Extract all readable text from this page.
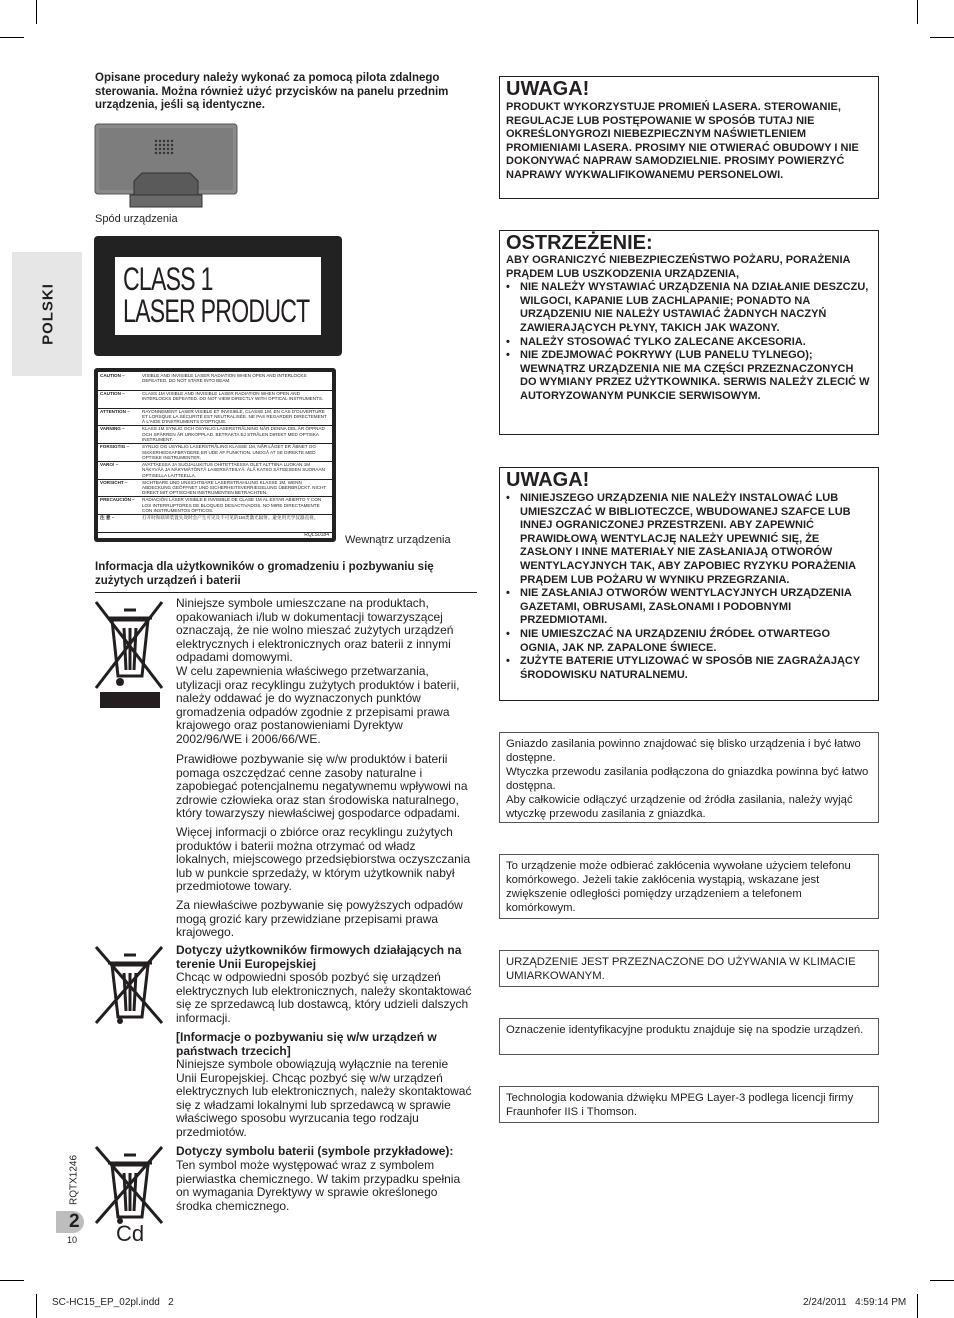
POLSKI
Opisane procedury należy wykonać za pomocą pilota zdalnego sterowania. Można również użyć przycisków na panelu przednim urządzenia, jeśli są identyczne.
Spód urządzenia
CLASS 1
LASER PRODUCT
CAUTION –	VISIBLE AND INVISIBLE LASER RADIATION WHEN OPEN AND INTERLOCKS DEFEATED. DO NOT STARE INTO BEAM.
CAUTION –	CLASS 1M VISIBLE AND INVISIBLE LASER RADIATION WHEN OPEN AND INTERLOCKS DEFEATED. DO NOT VIEW DIRECTLY WITH OPTICAL INSTRUMENTS.
ATTENTION –	RAYONNEMENT LASER VISIBLE ET INVISIBLE, CLASSE 1M, EN CAS D'OUVERTURE ET LORSQUE LA SÉCURITÉ EST NEUTRALISÉE. NE PAS REGARDER DIRECTEMENT À L'AIDE D'INSTRUMENTS D'OPTIQUE.
VARNING –	KLASS 1M SYNLIG OCH OSYNLIG LASERSTRÅLNING NÄR DENNA DEL ÄR ÖPPNAD OCH SPÄRREN ÄR URKOPPLAD. BETRAKTA EJ STRÅLEN DIREKT MED OPTISKA INSTRUMENT.
FORSIGTIG –	SYNLIG OG USYNLIG LASERSTRÅLING KLASSE 1M, NÅR LÅGET ER ÅBNET OG SIKKERHEDSAFBRYDERE ER UDE AF FUNKTION. UNDGÅ AT SE DIREKTE MED OPTISKE INSTRUMENTER.
VARO! –	AVATTAESSA JA SUOJALUKITUS OHITETTAESSA OLET ALTTIINA LUOKAN 1M NÄKYVÄÄ JA NÄKYMÄTÖNTÄ LASERSÄTEILYÄ. ÄLÄ KATSO SÄTEESEEN SUORAAN OPTISELLA LAITTEELLA.
VORSICHT –	SICHTBARE UND UNSICHTBARE LASERSTRAHLUNG KLASSE 1M, WENN ABDECKUNG GEÖFFNET UND SICHERHEITSVERRIEGELUNG ÜBERBRÜCKT. NICHT DIREKT MIT OPTISCHEN INSTRUMENTEN BETRACHTEN.
PRECAUCIÓN –	RADIACIÓN LÁSER VISIBLE E INVISIBLE DE CLASE 1M AL ESTAR ABIERTO Y CON LOS INTERRUPTORES DE BLOQUEO DESACTIVADOS. NO MIRE DIRECTAMENTE CON INSTRUMENTOS ÓPTICOS.
注 意 –	打开时和联锁装置失效时会产生可见及不可见的1M类激光辐射。避免用光学仪器直视。
RQLS0184 Wewnątrz urządzenia
Informacja dla użytkowników o gromadzeniu i pozbywaniu się zużytych urządzeń i baterii
Niniejsze symbole umieszczane na produktach, opakowaniach i/lub w dokumentacji towarzyszącej oznaczają, że nie wolno mieszać zużytych urządzeń elektrycznych i elektronicznych oraz baterii z innymi odpadami domowymi.
W celu zapewnienia właściwego przetwarzania, utylizacji oraz recyklingu zużytych produktów i baterii, należy oddawać je do wyznaczonych punktów gromadzenia odpadów zgodnie z przepisami prawa krajowego oraz postanowieniami Dyrektyw 2002/96/WE i 2006/66/WE.
Prawidłowe pozbywanie się w/w produktów i baterii pomaga oszczędzać cenne zasoby naturalne i zapobiegać potencjalnemu negatywnemu wpływowi na zdrowie człowieka oraz stan środowiska naturalnego, który towarzyszy niewłaściwej gospodarce odpadami.
Więcej informacji o zbiórce oraz recyklingu zużytych produktów i baterii można otrzymać od władz lokalnych, miejscowego przedsiębiorstwa oczyszczania lub w punkcie sprzedaży, w którym użytkownik nabył przedmiotowe towary.
Za niewłaściwe pozbywanie się powyższych odpadów mogą grozić kary przewidziane przepisami prawa krajowego.
Dotyczy użytkowników firmowych działających na terenie Unii Europejskiej
Chcąc w odpowiedni sposób pozbyć się urządzeń elektrycznych lub elektronicznych, należy skontaktować się ze sprzedawcą lub dostawcą, który udzieli dalszych informacji.
[Informacje o pozbywaniu się w/w urządzeń w państwach trzecich]
Niniejsze symbole obowiązują wyłącznie na terenie Unii Europejskiej. Chcąc pozbyć się w/w urządzeń elektrycznych lub elektronicznych, należy skontaktować się z władzami lokalnymi lub sprzedawcą w sprawie właściwego sposobu wyrzucania tego rodzaju przedmiotów.
Cd
Dotyczy symbolu baterii (symbole przykładowe):
Ten symbol może występować wraz z symbolem pierwiastka chemicznego. W takim przypadku spełnia on wymagania Dyrektywy w sprawie określonego środka chemicznego.
RQTX1246
2
10
UWAGA!
PRODUKT WYKORZYSTUJE PROMIEŃ LASERA. STEROWANIE, REGULACJE LUB POSTĘPOWANIE W SPOSÓB TUTAJ NIE OKREŚLONYGROZI NIEBEZPIECZNYM NAŚWIETLENIEM PROMIENIAMI LASERA. PROSIMY NIE OTWIERAĆ OBUDOWY I NIE DOKONYWAĆ NAPRAW SAMODZIELNIE. PROSIMY POWIERZYĆ NAPRAWY WYKWALIFIKOWANEMU PERSONELOWI.
OSTRZEŻENIE:
ABY OGRANICZYĆ NIEBEZPIECZEŃSTWO POŻARU, PORAŻENIA PRĄDEM LUB USZKODZENIA URZĄDZENIA,
• NIE NALEŻY WYSTAWIAĆ URZĄDZENIA NA DZIAŁANIE DESZCZU, WILGOCI, KAPANIE LUB ZACHLAPANIE; PONADTO NA URZĄDZENIU NIE NALEŻY USTAWIAĆ ŻADNYCH NACZYŃ ZAWIERAJĄCYCH PŁYNY, TAKICH JAK WAZONY.
• NALEŻY STOSOWAĆ TYLKO ZALECANE AKCESORIA.
• NIE ZDEJMOWAĆ POKRYWY (LUB PANELU TYLNEGO); WEWNĄTRZ URZĄDZENIA NIE MA CZĘŚCI PRZEZNACZONYCH DO WYMIANY PRZEZ UŻYTKOWNIKA. SERWIS NALEŻY ZLECIĆ W AUTORYZOWANYM PUNKCIE SERWISOWYM.
UWAGA!
• NINIEJSZEGO URZĄDZENIA NIE NALEŻY INSTALOWAĆ LUB UMIESZCZAĆ W BIBLIOTECZCE, WBUDOWANEJ SZAFCE LUB INNEJ OGRANICZONEJ PRZESTRZENI. ABY ZAPEWNIĆ PRAWIDŁOWĄ WENTYLACJĘ NALEŻY UPEWNIĆ SIĘ, ŻE ZASŁONY I INNE MATERIAŁY NIE ZASŁANIAJĄ OTWORÓW WENTYLACYJNYCH TAK, ABY ZAPOBIEC RYZYKU PORAŻENIA PRĄDEM LUB POŻARU W WYNIKU PRZEGRZANIA.
• NIE ZASŁANIAJ OTWORÓW WENTYLACYJNYCH URZĄDZENIA GAZETAMI, OBRUSAMI, ZASŁONAMI I PODOBNYMI PRZEDMIOTAMI.
• NIE UMIESZCZAĆ NA URZĄDZENIU ŹRÓDEŁ OTWARTEGO OGNIA, JAK NP. ZAPALONE ŚWIECE.
• ZUŻYTE BATERIE UTYLIZOWAĆ W SPOSÓB NIE ZAGRAŻAJĄCY ŚRODOWISKU NATURALNEMU.
Gniazdo zasilania powinno znajdować się blisko urządzenia i być łatwo dostępne.
Wtyczka przewodu zasilania podłączona do gniazdka powinna być łatwo dostępna.
Aby całkowicie odłączyć urządzenie od źródła zasilania, należy wyjąć wtyczkę przewodu zasilania z gniazdka.
To urządzenie może odbierać zakłócenia wywołane użyciem telefonu komórkowego. Jeżeli takie zakłócenia wystąpią, wskazane jest zwiększenie odległości pomiędzy urządzeniem a telefonem komórkowym.
URZĄDZENIE JEST PRZEZNACZONE DO UŻYWANIA W KLIMACIE UMIARKOWANYM.
Oznaczenie identyfikacyjne produktu znajduje się na spodzie urządzeń.
Technologia kodowania dźwięku MPEG Layer-3 podlega licencji firmy Fraunhofer IIS i Thomson.
SC-HC15_EP_02pl.indd   2	2/24/2011   4:59:14 PM
